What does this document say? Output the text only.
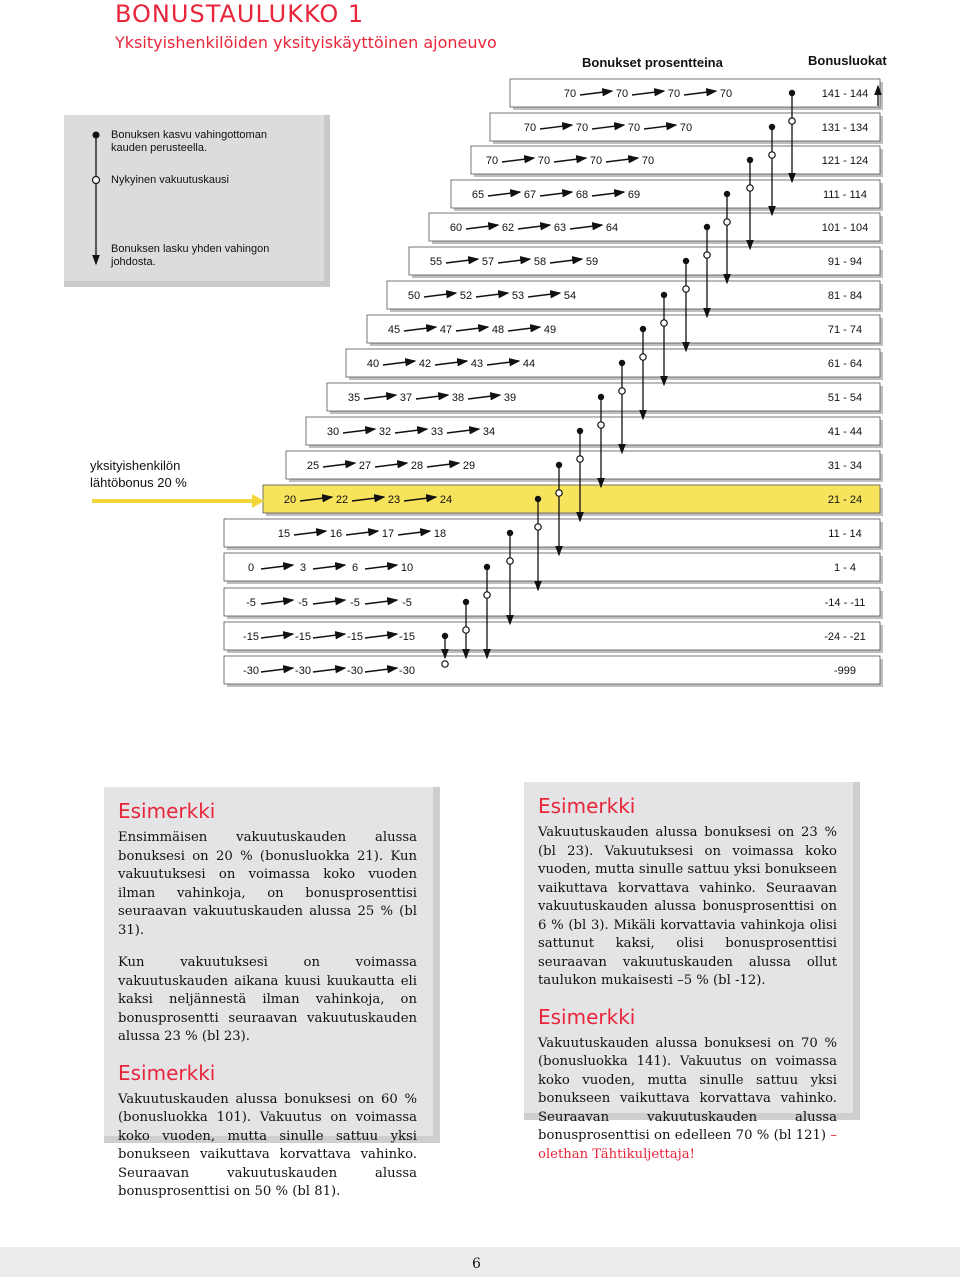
BONUSTAULUKKO 1
Yksityishenkilöiden yksityiskäyttöinen ajoneuvo
70	70	70	70	141 - 144
70	70	70	70	131 - 134
70	70	70	70	121 - 124
65	67	68	69	111 - 114
60	62	63	64	101 - 104
55	57	58	59	91 - 94
50	52	53	54	81 - 84
45	47	48	49	71 - 74
40	42	43	44	61 - 64
35	37	38	39	51 - 54
30	32	33	34	41 - 44
25	27	28	29	31 - 34
20	22	23	24	21 - 24
15	16	17	18	11 - 14
0	3	6	10	1 - 4
-5	-5	-5	-5	-14 - -11
-15	-15	-15	-15	-24 - -21
-30	-30	-30	-30	-999
Bonukset prosentteina	Bonusluokat
Bonuksen kasvu vahingottoman kauden perusteella.
Nykyinen vakuutuskausi
Bonuksen lasku yhden vahingon johdosta.
yksityishenkilön
lähtöbonus 20 %
Esimerkki

Ensimmäisen vakuutuskauden alussa bonuksesi on 20 % (bonusluokka 21). Kun vakuutuksesi on voimassa koko vuoden ilman vahinkoja, on bonusprosenttisi seuraavan vakuutuskauden alussa 25 % (bl 31).

Kun vakuutuksesi on voimassa vakuutuskauden aikana kuusi kuukautta eli kaksi neljännestä ilman vahinkoja, on bonusprosentti seuraavan vakuutuskauden alussa 23 % (bl 23).

Esimerkki

Vakuutuskauden alussa bonuksesi on 60 % (bonusluokka 101). Vakuutus on voimassa koko vuoden, mutta sinulle sattuu yksi bonukseen vaikuttava korvattava vahinko. Seuraavan vakuutuskauden alussa bonusprosenttisi on 50 % (bl 81).

Esimerkki

Vakuutuskauden alussa bonuksesi on 23 % (bl 23). Vakuutuksesi on voimassa koko vuoden, mutta sinulle sattuu yksi bonukseen vaikuttava korvattava vahinko. Seuraavan vakuutuskauden alussa bonusprosenttisi on 6 % (bl 3). Mikäli korvattavia vahinkoja olisi sattunut kaksi, olisi bonusprosenttisi seuraavan vakuutuskauden alussa ollut taulukon mukaisesti –5 % (bl -12).

Esimerkki

Vakuutuskauden alussa bonuksesi on 70 % (bonusluokka 141). Vakuutus on voimassa koko vuoden, mutta sinulle sattuu yksi bonukseen vaikuttava korvattava vahinko. Seuraavan vakuutuskauden alussa bonusprosenttisi on edelleen 70 % (bl 121) – olethan Tähtikuljettaja!

6
